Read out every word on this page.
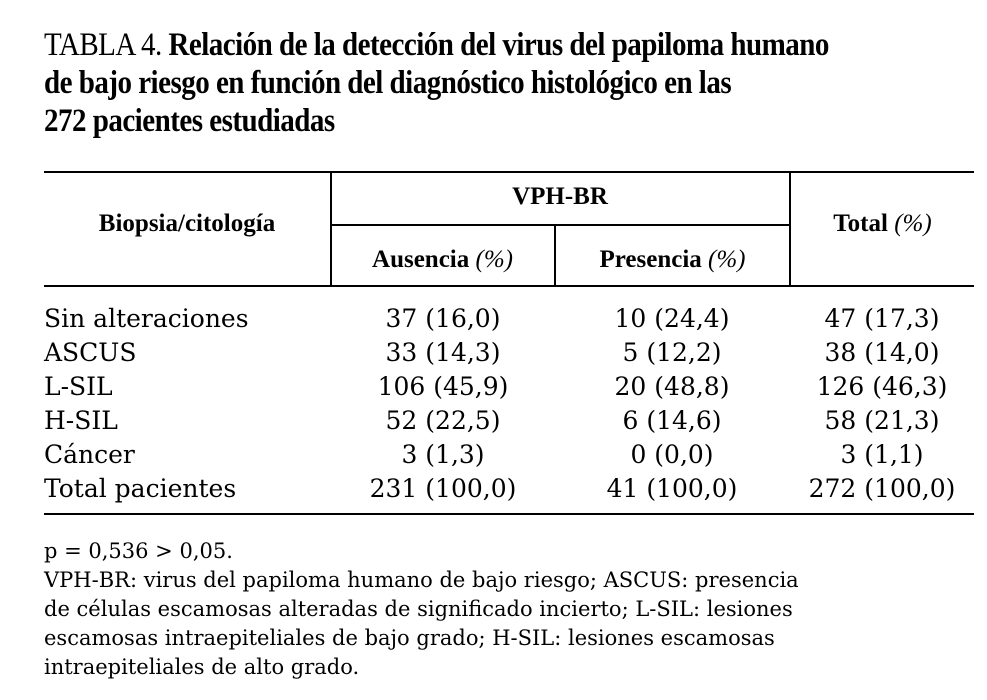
TABLA 4. Relación de la detección del virus del papiloma humano
de bajo riesgo en función del diagnóstico histológico en las
272 pacientes estudiadas
Biopsia/citología
VPH-BR
Ausencia (%)	Presencia (%)
Total (%)
Sin alteraciones	37 (16,0)	10 (24,4)	47 (17,3)
ASCUS	33 (14,3)	5 (12,2)	38 (14,0)
L-SIL	106 (45,9)	20 (48,8)	126 (46,3)
H-SIL	52 (22,5)	6 (14,6)	58 (21,3)
Cáncer	3 (1,3)	0 (0,0)	3 (1,1)
Total pacientes	231 (100,0)	41 (100,0)	272 (100,0)
p = 0,536 > 0,05.
VPH-BR: virus del papiloma humano de bajo riesgo; ASCUS: presencia
de células escamosas alteradas de significado incierto; L-SIL: lesiones
escamosas intraepiteliales de bajo grado; H-SIL: lesiones escamosas
intraepiteliales de alto grado.
